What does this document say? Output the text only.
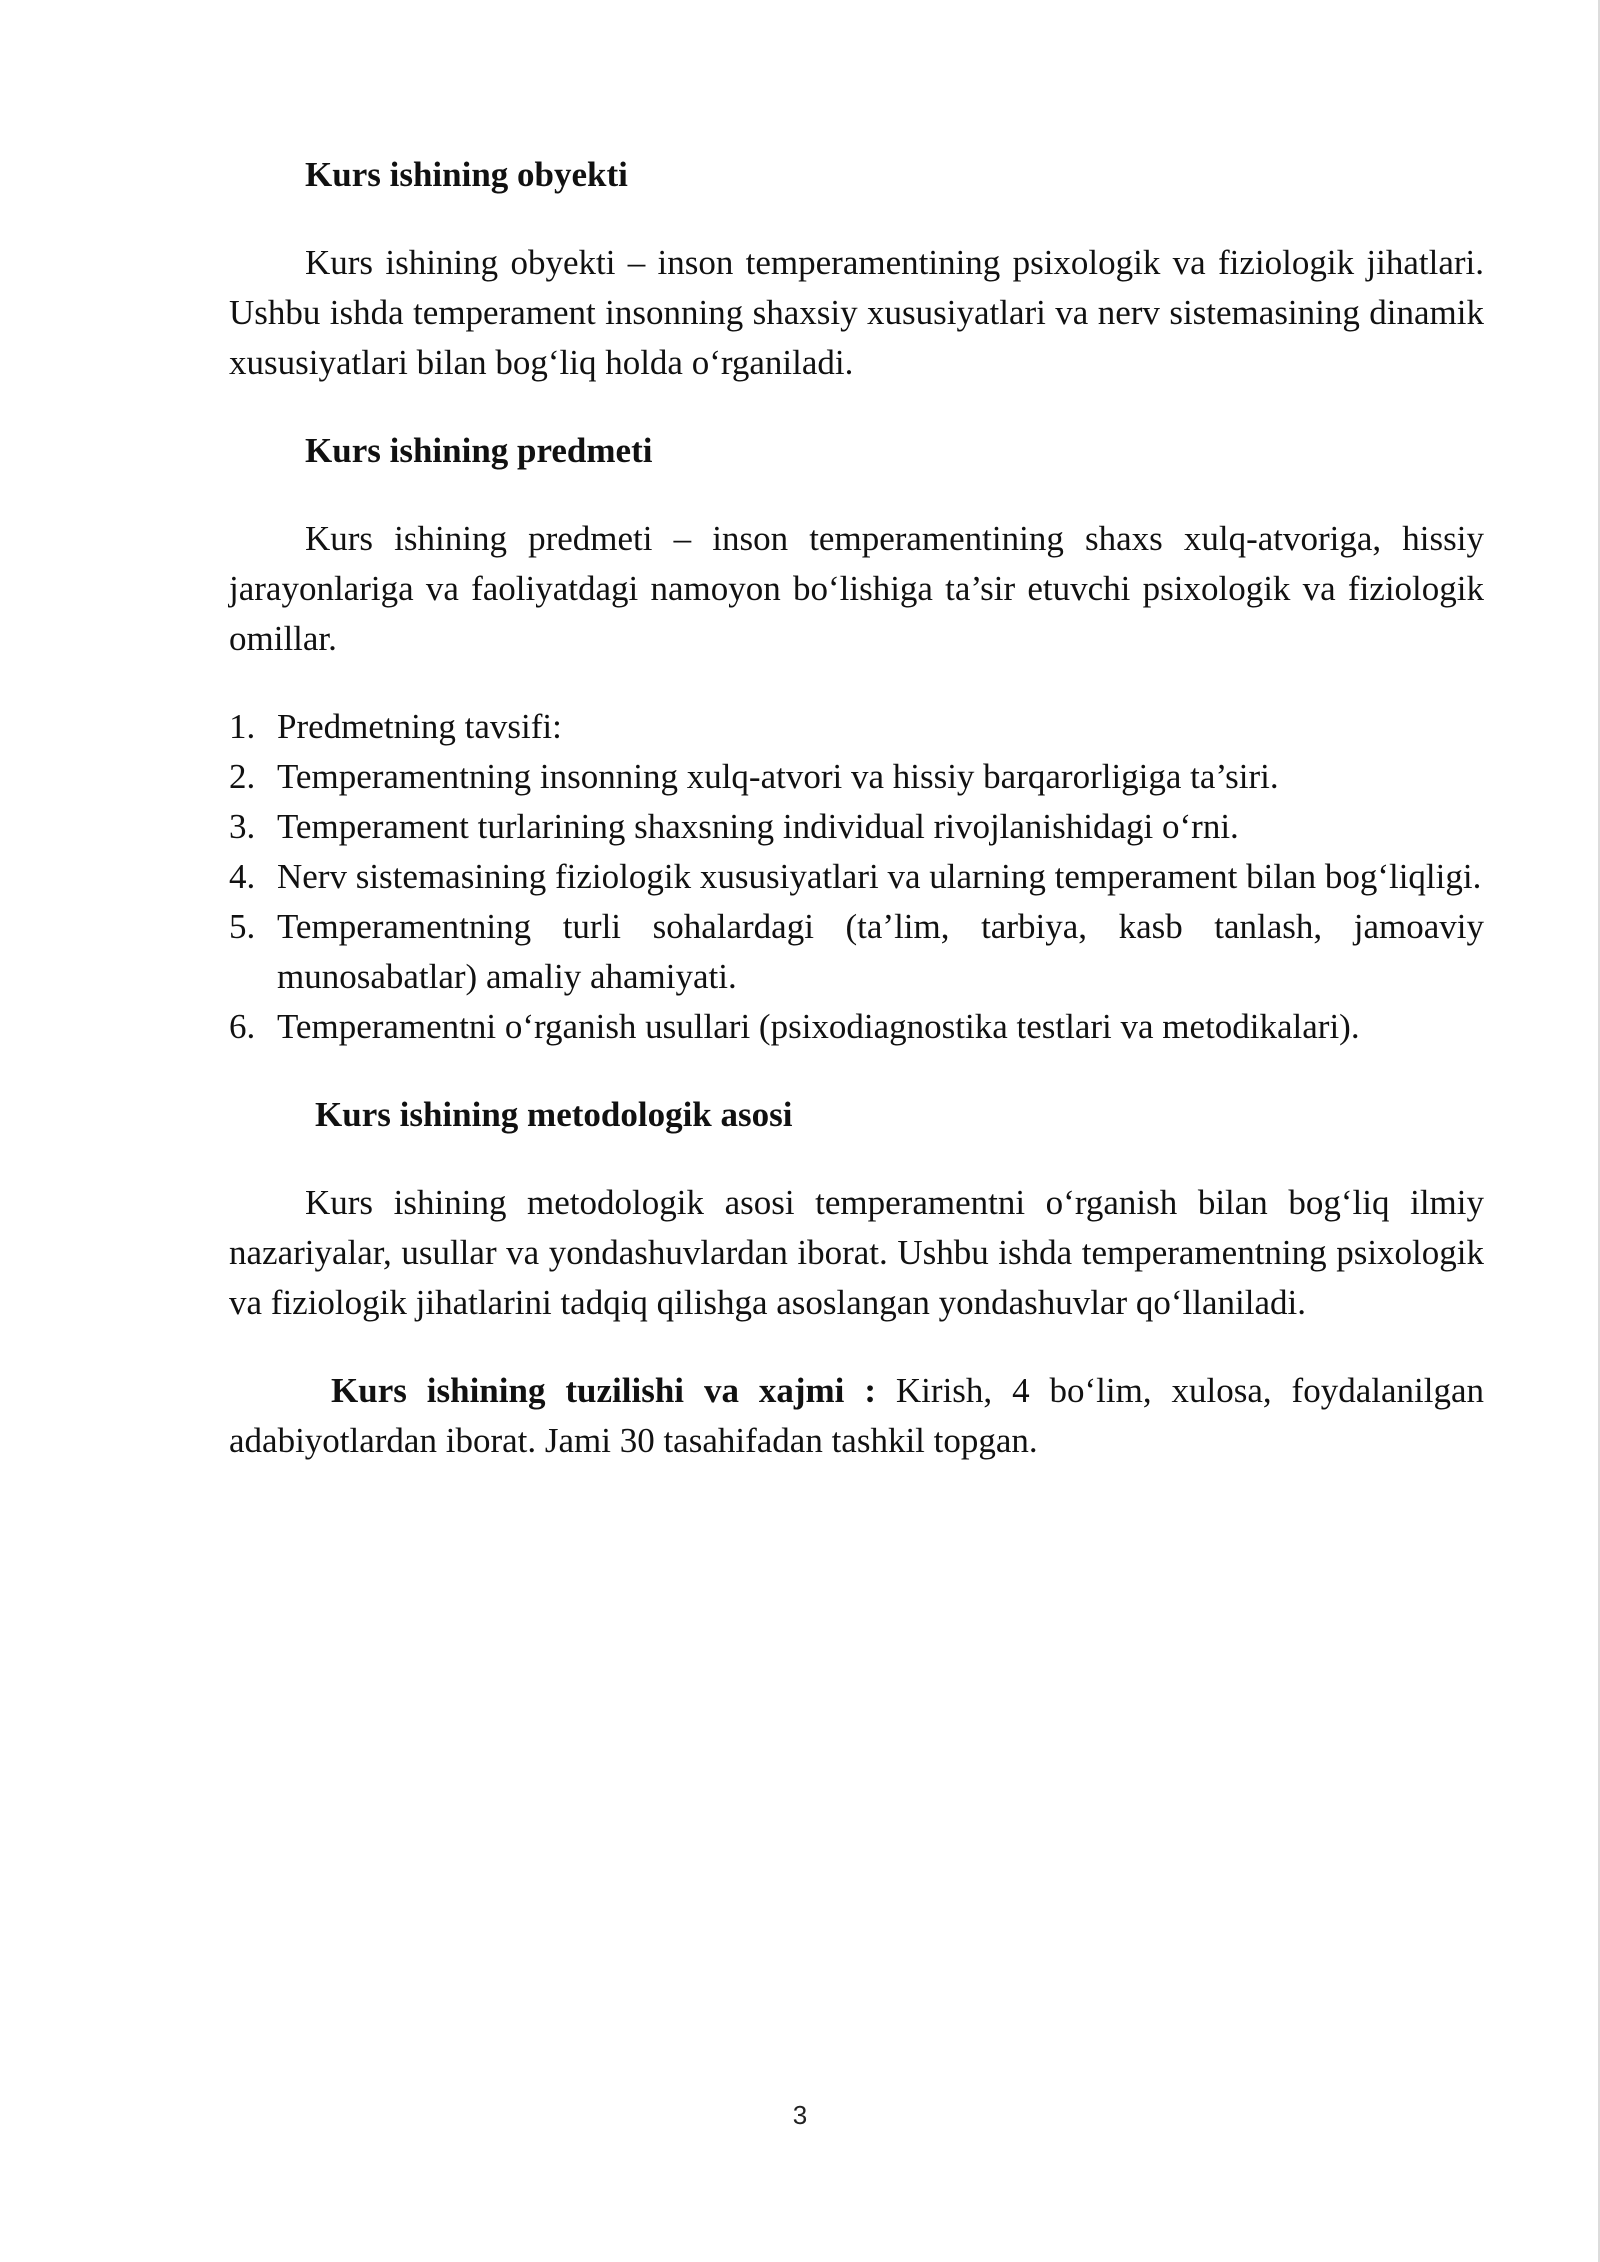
Kurs ishining obyekti

Kurs ishining obyekti – inson temperamentining psixologik va fiziologik jihatlari. Ushbu ishda temperament insonning shaxsiy xususiyatlari va nerv sistemasining dinamik xususiyatlari bilan bog‘liq holda o‘rganiladi.

Kurs ishining predmeti

Kurs ishining predmeti – inson temperamentining shaxs xulq-atvoriga, hissiy jarayonlariga va faoliyatdagi namoyon bo‘lishiga ta’sir etuvchi psixologik va fiziologik omillar.

1. Predmetning tavsifi:
2. Temperamentning insonning xulq-atvori va hissiy barqarorligiga ta’siri.
3. Temperament turlarining shaxsning individual rivojlanishidagi o‘rni.
4. Nerv sistemasining fiziologik xususiyatlari va ularning temperament bilan bog‘liqligi.
5. Temperamentning turli sohalardagi (ta’lim, tarbiya, kasb tanlash, jamoaviy munosabatlar) amaliy ahamiyati.
6. Temperamentni o‘rganish usullari (psixodiagnostika testlari va metodikalari).

Kurs ishining metodologik asosi

Kurs ishining metodologik asosi temperamentni o‘rganish bilan bog‘liq ilmiy nazariyalar, usullar va yondashuvlardan iborat. Ushbu ishda temperamentning psixologik va fiziologik jihatlarini tadqiq qilishga asoslangan yondashuvlar qo‘llaniladi.

Kurs ishining tuzilishi va xajmi : Kirish, 4 bo‘lim, xulosa, foydalanilgan adabiyotlardan iborat. Jami 30 tasahifadan tashkil topgan.

3
